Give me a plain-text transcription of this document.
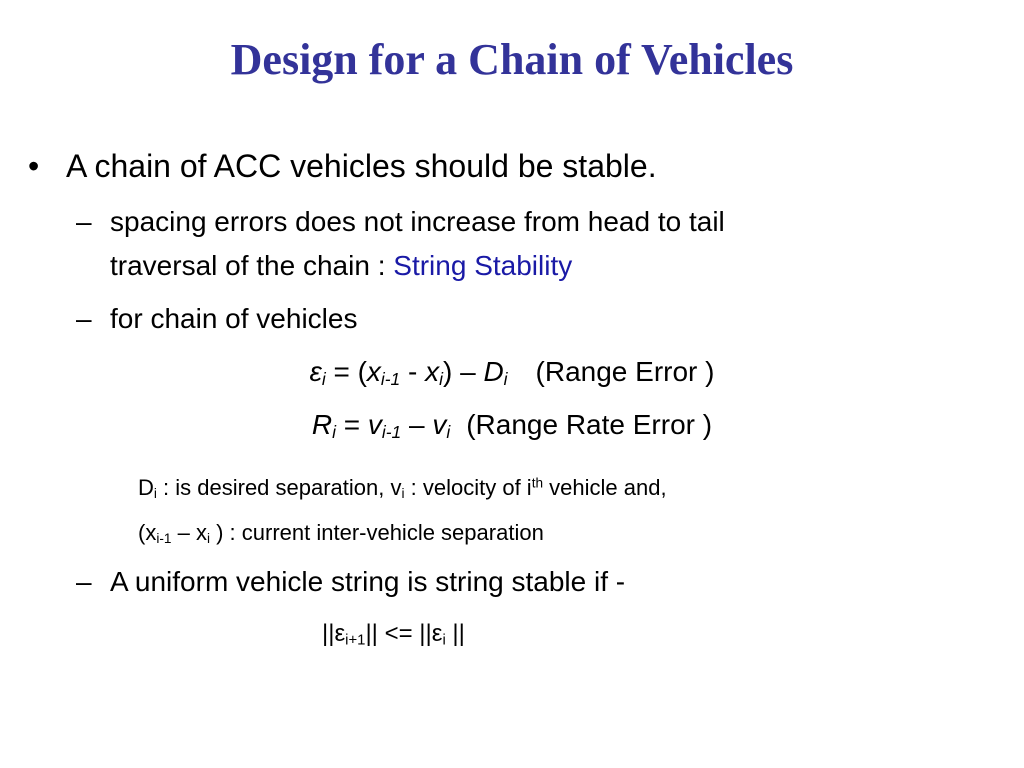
Design for a Chain of Vehicles
• A chain of ACC vehicles should be stable.
– spacing errors does not increase from head to tail
traversal of the chain : String Stability
– for chain of vehicles
$\varepsilon_i = (x_{i-1} - x_i) - D_i$ (Range Error )
$R_i = v_{i-1} - v_i$ (Range Rate Error )
$D_i$ : is desired separation, $v_i$ : velocity of $i^{th}$ vehicle and,
($x_{i-1} - x_i$ ) : current inter-vehicle separation
– A uniform vehicle string is string stable if -
$||\varepsilon_{i+1}|| <= ||\varepsilon_i$ ||
